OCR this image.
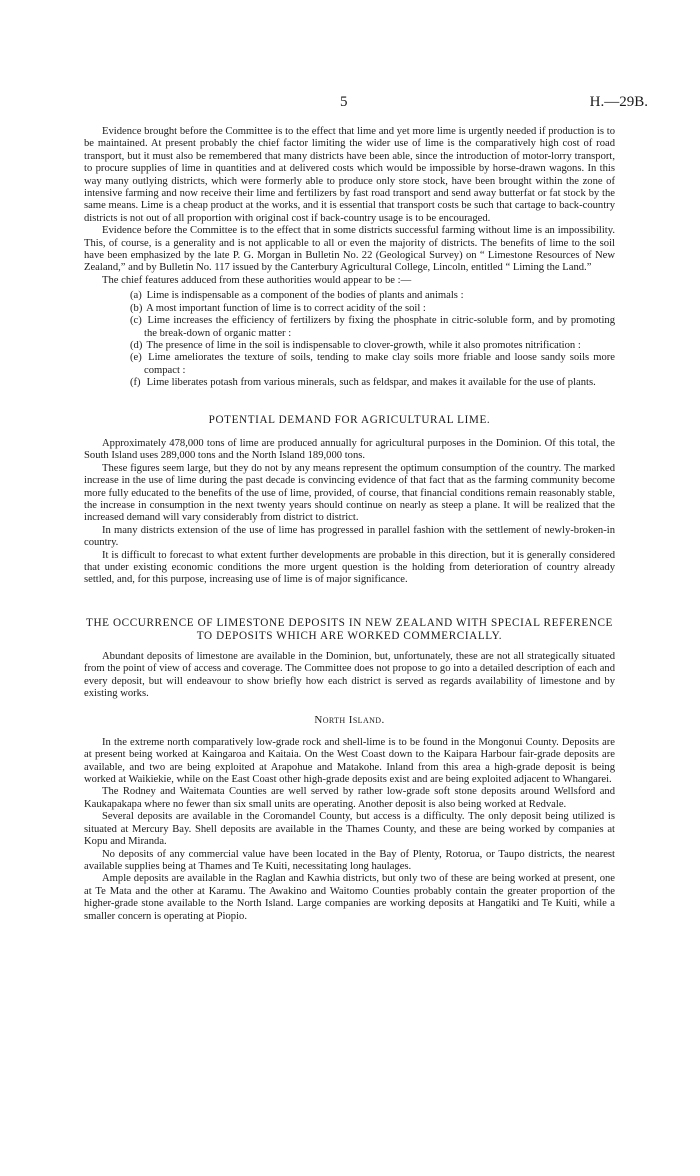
5	H.—29B.

Evidence brought before the Committee is to the effect that lime and yet more lime is urgently needed if production is to be maintained. At present probably the chief factor limiting the wider use of lime is the comparatively high cost of road transport, but it must also be remembered that many districts have been able, since the introduction of motor-lorry transport, to procure supplies of lime in quantities and at delivered costs which would be impossible by horse-drawn wagons. In this way many outlying districts, which were formerly able to produce only store stock, have been brought within the zone of intensive farming and now receive their lime and fertilizers by fast road transport and send away butterfat or fat stock by the same means. Lime is a cheap product at the works, and it is essential that transport costs be such that cartage to back-country districts is not out of all proportion with original cost if back-country usage is to be encouraged.

Evidence before the Committee is to the effect that in some districts successful farming without lime is an impossibility. This, of course, is a generality and is not applicable to all or even the majority of districts. The benefits of lime to the soil have been emphasized by the late P. G. Morgan in Bulletin No. 22 (Geological Survey) on “ Limestone Resources of New Zealand,” and by Bulletin No. 117 issued by the Canterbury Agricultural College, Lincoln, entitled “ Liming the Land.”

The chief features adduced from these authorities would appear to be :—

(a) Lime is indispensable as a component of the bodies of plants and animals :
(b) A most important function of lime is to correct acidity of the soil :
(c) Lime increases the efficiency of fertilizers by fixing the phosphate in citric-soluble form, and by promoting the break-down of organic matter :
(d) The presence of lime in the soil is indispensable to clover-growth, while it also promotes nitrification :
(e) Lime ameliorates the texture of soils, tending to make clay soils more friable and loose sandy soils more compact :
(f) Lime liberates potash from various minerals, such as feldspar, and makes it available for the use of plants.
POTENTIAL DEMAND FOR AGRICULTURAL LIME.

Approximately 478,000 tons of lime are produced annually for agricultural purposes in the Dominion. Of this total, the South Island uses 289,000 tons and the North Island 189,000 tons.

These figures seem large, but they do not by any means represent the optimum consumption of the country. The marked increase in the use of lime during the past decade is convincing evidence of that fact that as the farming community become more fully educated to the benefits of the use of lime, provided, of course, that financial conditions remain reasonably stable, the increase in consumption in the next twenty years should continue on nearly as steep a plane. It will be realized that the increased demand will vary considerably from district to district.

In many districts extension of the use of lime has progressed in parallel fashion with the settlement of newly-broken-in country.

It is difficult to forecast to what extent further developments are probable in this direction, but it is generally considered that under existing economic conditions the more urgent question is the holding from deterioration of country already settled, and, for this purpose, increasing use of lime is of major significance.

THE OCCURRENCE OF LIMESTONE DEPOSITS IN NEW ZEALAND WITH SPECIAL REFERENCE TO DEPOSITS WHICH ARE WORKED COMMERCIALLY.

Abundant deposits of limestone are available in the Dominion, but, unfortunately, these are not all strategically situated from the point of view of access and coverage. The Committee does not propose to go into a detailed description of each and every deposit, but will endeavour to show briefly how each district is served as regards availability of limestone and by existing works.

North Island.

In the extreme north comparatively low-grade rock and shell-lime is to be found in the Mongonui County. Deposits are at present being worked at Kaingaroa and Kaitaia. On the West Coast down to the Kaipara Harbour fair-grade deposits are available, and two are being exploited at Arapohue and Matakohe. Inland from this area a high-grade deposit is being worked at Waikiekie, while on the East Coast other high-grade deposits exist and are being exploited adjacent to Whangarei.

The Rodney and Waitemata Counties are well served by rather low-grade soft stone deposits around Wellsford and Kaukapakapa where no fewer than six small units are operating. Another deposit is also being worked at Redvale.

Several deposits are available in the Coromandel County, but access is a difficulty. The only deposit being utilized is situated at Mercury Bay. Shell deposits are available in the Thames County, and these are being worked by companies at Kopu and Miranda.

No deposits of any commercial value have been located in the Bay of Plenty, Rotorua, or Taupo districts, the nearest available supplies being at Thames and Te Kuiti, necessitating long haulages.

Ample deposits are available in the Raglan and Kawhia districts, but only two of these are being worked at present, one at Te Mata and the other at Karamu. The Awakino and Waitomo Counties probably contain the greater proportion of the higher-grade stone available to the North Island. Large companies are working deposits at Hangatiki and Te Kuiti, while a smaller concern is operating at Piopio.
